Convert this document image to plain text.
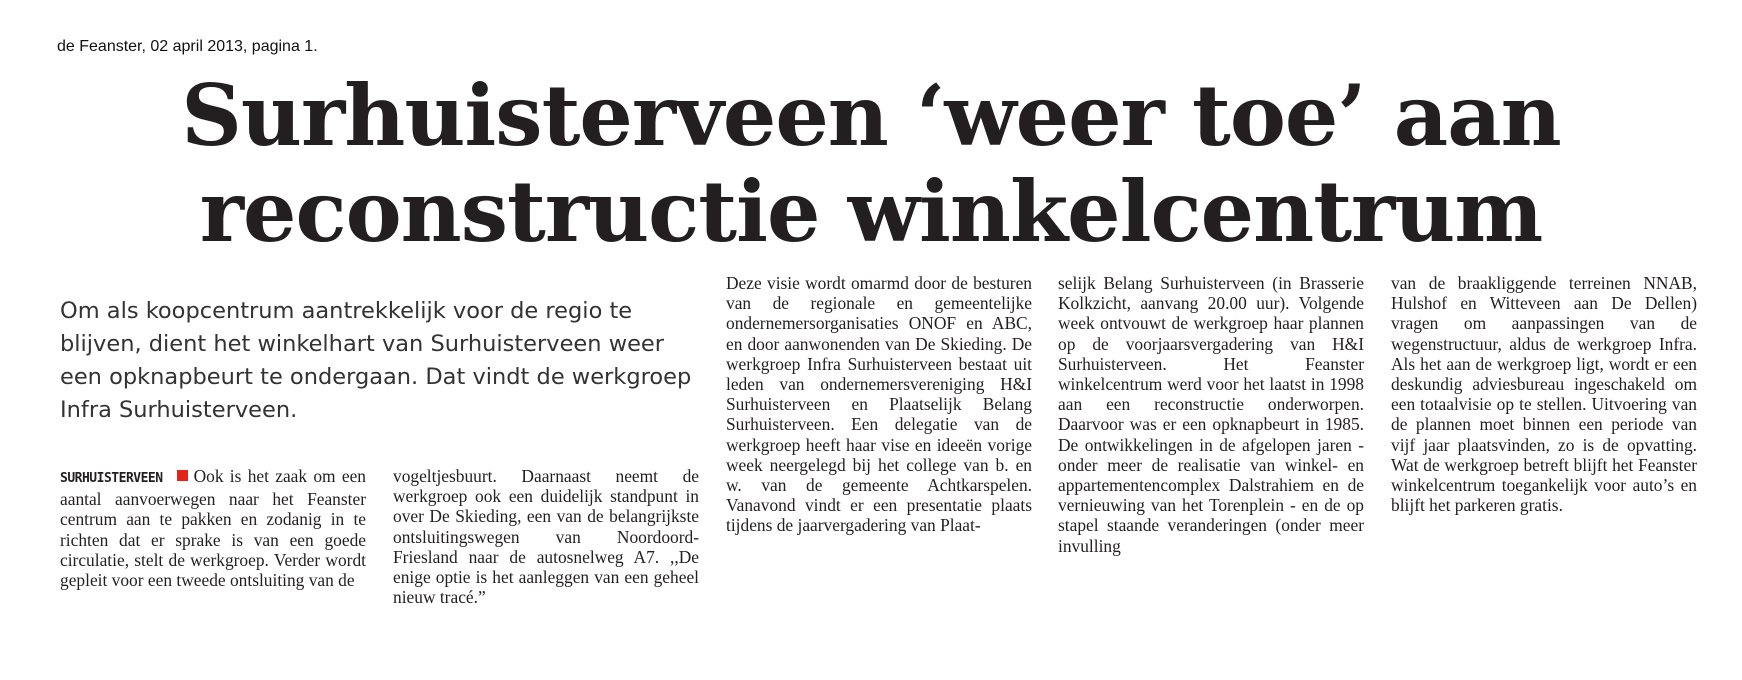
de Feanster, 02 april 2013, pagina 1.
Surhuisterveen ‘weer toe’ aan reconstructie winkelcentrum

Om als koopcentrum aantrekkelijk voor de regio te blijven, dient het winkelhart van Surhuisterveen weer een opknapbeurt te ondergaan. Dat vindt de werkgroep Infra Surhuisterveen.

SURHUISTERVEEN Ook is het zaak om een aantal aanvoerwegen naar het Feanster centrum aan te pakken en zodanig in te richten dat er sprake is van een goede circulatie, stelt de werkgroep. Verder wordt gepleit voor een tweede ontsluiting van de

vogeltjesbuurt. Daarnaast neemt de werkgroep ook een duidelijk standpunt in over De Skieding, een van de belangrijkste ontsluitingswegen van Noordoord-Friesland naar de autosnelweg A7. ,,De enige optie is het aanleggen van een geheel nieuw tracé.”

Deze visie wordt omarmd door de besturen van de regionale en gemeentelijke ondernemersorganisaties ONOF en ABC, en door aanwonenden van De Skieding. De werkgroep Infra Surhuisterveen bestaat uit leden van ondernemersvereniging H&I Surhuisterveen en Plaatselijk Belang Surhuisterveen. Een delegatie van de werkgroep heeft haar vise en ideeën vorige week neergelegd bij het college van b. en w. van de gemeente Achtkarspelen. Vanavond vindt er een presentatie plaats tijdens de jaarvergadering van Plaat-

selijk Belang Surhuisterveen (in Brasserie Kolkzicht, aanvang 20.00 uur). Volgende week ontvouwt de werkgroep haar plannen op de voorjaarsvergadering van H&I Surhuisterveen. Het Feanster winkelcentrum werd voor het laatst in 1998 aan een reconstructie onderworpen. Daarvoor was er een opknapbeurt in 1985. De ontwikkelingen in de afgelopen jaren - onder meer de realisatie van winkel- en appartementencomplex Dalstrahiem en de vernieuwing van het Torenplein - en de op stapel staande veranderingen (onder meer invulling

van de braakliggende terreinen NNAB, Hulshof en Witteveen aan De Dellen) vragen om aanpassingen van de wegenstructuur, aldus de werkgroep Infra. Als het aan de werkgroep ligt, wordt er een deskundig adviesbureau ingeschakeld om een totaalvisie op te stellen. Uitvoering van de plannen moet binnen een periode van vijf jaar plaatsvinden, zo is de opvatting. Wat de werkgroep betreft blijft het Feanster winkelcentrum toegankelijk voor auto’s en blijft het parkeren gratis.
